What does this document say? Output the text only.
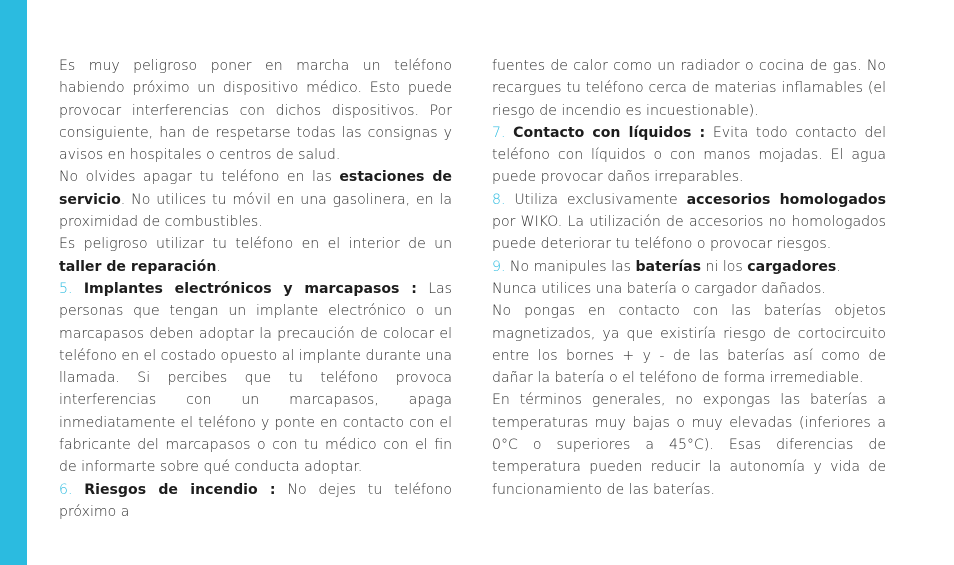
Es muy peligroso poner en marcha un teléfono habiendo próximo un dispositivo médico. Esto puede provocar interferencias con dichos dispositivos. Por consiguiente, han de respetarse todas las consignas y avisos en hospitales o centros de salud.

No olvides apagar tu teléfono en las estaciones de servicio. No utilices tu móvil en una gasolinera, en la proximidad de combustibles.

Es peligroso utilizar tu teléfono en el interior de un taller de reparación.

5. Implantes electrónicos y marcapasos : Las personas que tengan un implante electrónico o un marcapasos deben adoptar la precaución de colocar el teléfono en el costado opuesto al implante durante una llamada. Si percibes que tu teléfono provoca interferencias con un marcapasos, apaga inmediatamente el teléfono y ponte en contacto con el fabricante del marcapasos o con tu médico con el fin de informarte sobre qué conducta adoptar.

6. Riesgos de incendio : No dejes tu teléfono próximo a

fuentes de calor como un radiador o cocina de gas. No recargues tu teléfono cerca de materias inflamables (el riesgo de incendio es incuestionable).

7. Contacto con líquidos : Evita todo contacto del teléfono con líquidos o con manos mojadas. El agua puede provocar daños irreparables.

8. Utiliza exclusivamente accesorios homologados por WIKO. La utilización de accesorios no homologados puede deteriorar tu teléfono o provocar riesgos.

9. No manipules las baterías ni los cargadores.

Nunca utilices una batería o cargador dañados.

No pongas en contacto con las baterías objetos magnetizados, ya que existiría riesgo de cortocircuito entre los bornes + y - de las baterías así como de dañar la batería o el teléfono de forma irremediable.

En términos generales, no expongas las baterías a temperaturas muy bajas o muy elevadas (inferiores a 0°C o superiores a 45°C). Esas diferencias de temperatura pueden reducir la autonomía y vida de funcionamiento de las baterías.
